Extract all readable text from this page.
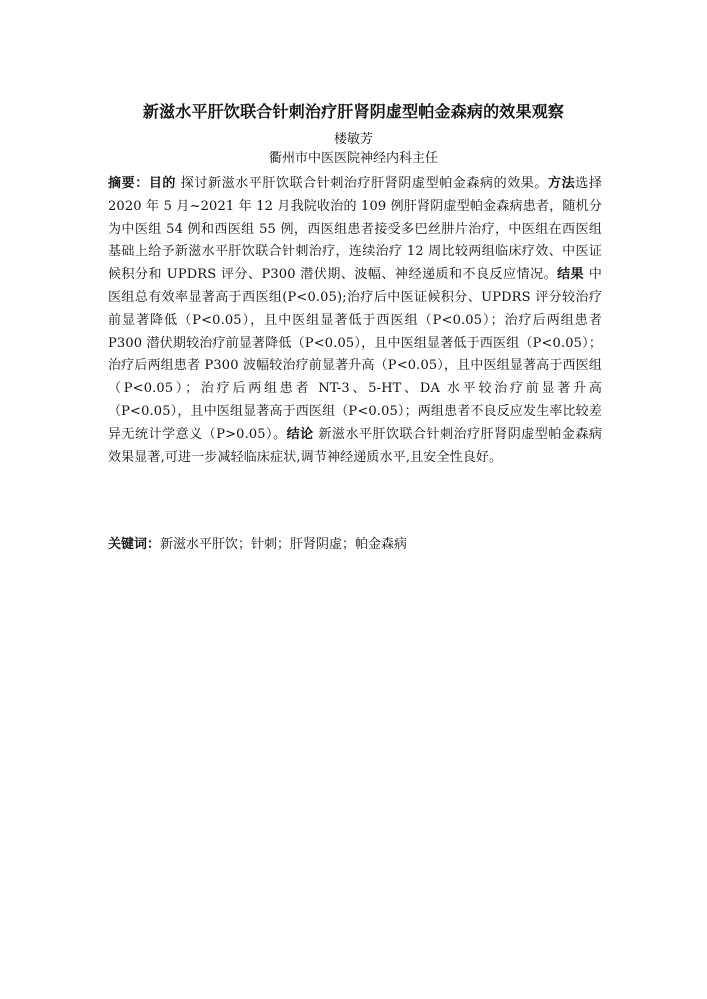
新滋水平肝饮联合针刺治疗肝肾阴虚型帕金森病的效果观察
楼敏芳
衢州市中医医院神经内科主任
摘要：目的 探讨新滋水平肝饮联合针刺治疗肝肾阴虚型帕金森病的效果。方法选择 2020 年 5 月~2021 年 12 月我院收治的 109 例肝肾阴虚型帕金森病患者，随机分为中医组 54 例和西医组 55 例，西医组患者接受多巴丝肼片治疗，中医组在西医组基础上给予新滋水平肝饮联合针刺治疗，连续治疗 12 周比较两组临床疗效、中医证候积分和 UPDRS 评分、P300 潜伏期、波幅、神经递质和不良反应情况。结果 中医组总有效率显著高于西医组(P<0.05);治疗后中医证候积分、UPDRS 评分较治疗前显著降低（P<0.05），且中医组显著低于西医组（P<0.05）；治疗后两组患者 P300 潜伏期较治疗前显著降低（P<0.05），且中医组显著低于西医组（P<0.05）；治疗后两组患者 P300 波幅较治疗前显著升高（P<0.05），且中医组显著高于西医组（P<0.05）；治疗后两组患者 NT-3、5-HT、DA 水平较治疗前显著升高（P<0.05），且中医组显著高于西医组（P<0.05）；两组患者不良反应发生率比较差异无统计学意义（P>0.05）。结论 新滋水平肝饮联合针刺治疗肝肾阴虚型帕金森病效果显著,可进一步减轻临床症状,调节神经递质水平,且安全性良好。
关键词：新滋水平肝饮；针刺；肝肾阴虚；帕金森病
